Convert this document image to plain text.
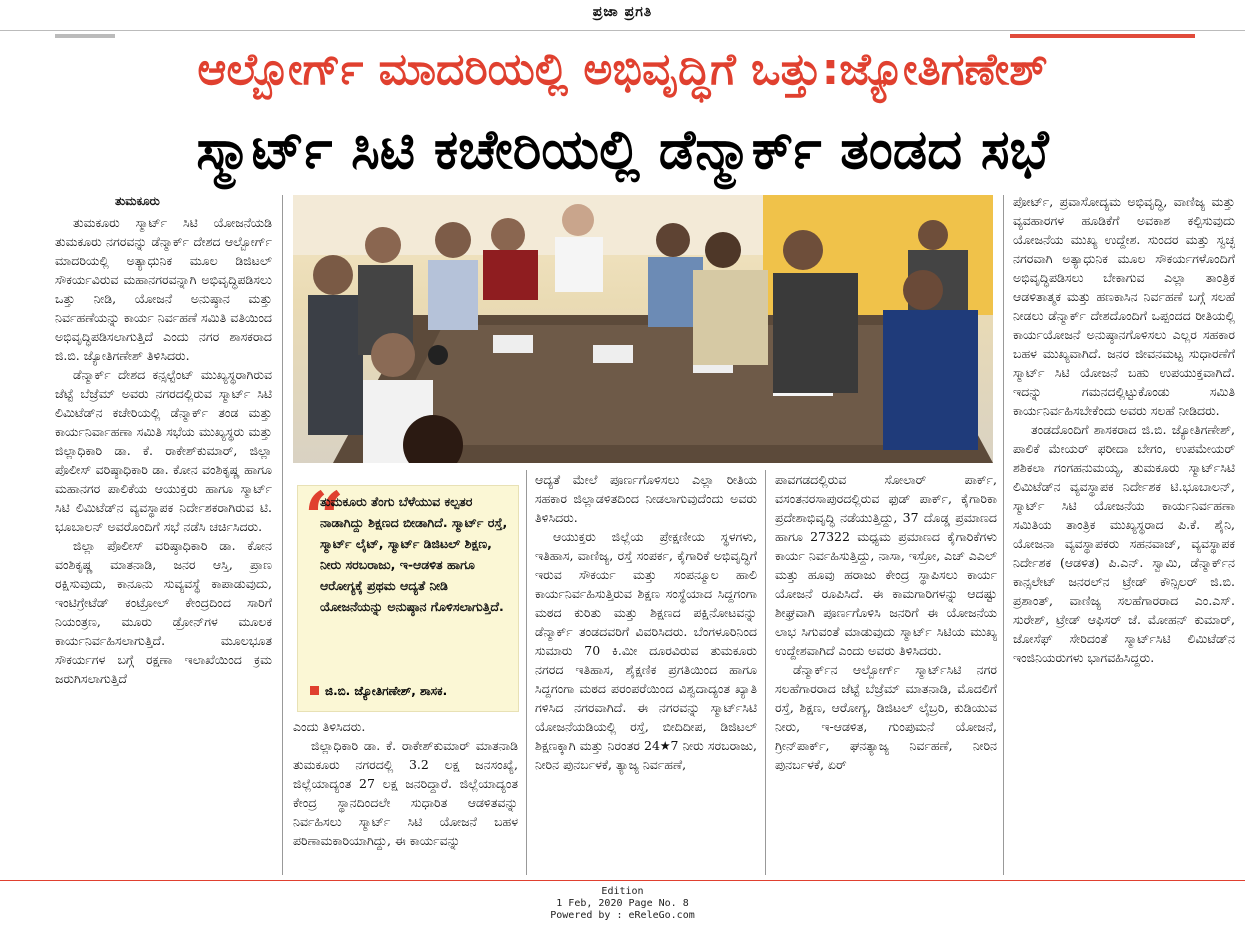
ಪ್ರಜಾ ಪ್ರಗತಿ
ಆಲ್ಬೋರ್ಗ್ ಮಾದರಿಯಲ್ಲಿ ಅಭಿವೃದ್ಧಿಗೆ ಒತ್ತು:ಜ್ಯೋತಿಗಣೇಶ್
ಸ್ಮಾರ್ಟ್ ಸಿಟಿ ಕಚೇರಿಯಲ್ಲಿ ಡೆನ್ಮಾರ್ಕ್ ತಂಡದ ಸಭೆ
ತುಮಕೂರು

ತುಮಕೂರು ಸ್ಮಾರ್ಟ್ ಸಿಟಿ ಯೋಜನೆಯಡಿ ತುಮಕೂರು ನಗರವನ್ನು ಡೆನ್ಮಾರ್ಕ್ ದೇಶದ ಆಲ್ಬೋರ್ಗ್ ಮಾದರಿಯಲ್ಲಿ ಅತ್ಯಾಧುನಿಕ ಮೂಲ ಡಿಜಿಟಲ್ ಸೌಕರ್ಯವಿರುವ ಮಹಾನಗರವನ್ನಾಗಿ ಅಭಿವೃದ್ಧಿಪಡಿಸಲು ಒತ್ತು ನೀಡಿ, ಯೋಜನೆ ಅನುಷ್ಠಾನ ಮತ್ತು ನಿರ್ವಹಣೆಯನ್ನು ಕಾರ್ಯ ನಿರ್ವಹಣೆ ಸಮಿತಿ ವತಿಯಿಂದ ಅಭಿವೃದ್ಧಿಪಡಿಸಲಾಗುತ್ತಿದೆ ಎಂದು ನಗರ ಶಾಸಕರಾದ ಜಿ.ಬಿ. ಜ್ಯೋತಿಗಣೇಶ್ ತಿಳಿಸಿದರು.

ಡೆನ್ಮಾರ್ಕ್ ದೇಶದ ಕನ್ಸಲ್ಟೆಂಟ್ ಮುಖ್ಯಸ್ಥರಾಗಿರುವ ಜೆಟ್ಟೆ ಬೆಜ್ರೆಮ್ ಅವರು ನಗರದಲ್ಲಿರುವ ಸ್ಮಾರ್ಟ್ ಸಿಟಿ ಲಿಮಿಟೆಡ್‌ನ ಕಚೇರಿಯಲ್ಲಿ ಡೆನ್ಮಾರ್ಕ್ ತಂಡ ಮತ್ತು ಕಾರ್ಯನಿರ್ವಾಹಣಾ ಸಮಿತಿ ಸಭೆಯ ಮುಖ್ಯಸ್ಥರು ಮತ್ತು ಜಿಲ್ಲಾಧಿಕಾರಿ ಡಾ. ಕೆ. ರಾಕೇಶ್‌ಕುಮಾರ್, ಜಿಲ್ಲಾ ಪೊಲೀಸ್ ವರಿಷ್ಠಾಧಿಕಾರಿ ಡಾ. ಕೋನ ವಂಶಿಕೃಷ್ಣ ಹಾಗೂ ಮಹಾನಗರ ಪಾಲಿಕೆಯ ಆಯುಕ್ತರು ಹಾಗೂ ಸ್ಮಾರ್ಟ್ ಸಿಟಿ ಲಿಮಿಟೆಡ್‌ನ ವ್ಯವಸ್ಥಾಪಕ ನಿರ್ದೇಶಕರಾಗಿರುವ ಟಿ. ಭೂಬಾಲನ್ ಅವರೊಂದಿಗೆ ಸಭೆ ನಡೆಸಿ ಚರ್ಚಿಸಿದರು.

ಜಿಲ್ಲಾ ಪೊಲೀಸ್ ವರಿಷ್ಠಾಧಿಕಾರಿ ಡಾ. ಕೋನ ವಂಶಿಕೃಷ್ಣ ಮಾತನಾಡಿ, ಜನರ ಆಸ್ತಿ, ಪ್ರಾಣ ರಕ್ಷಿಸುವುದು, ಕಾನೂನು ಸುವ್ಯವಸ್ಥೆ ಕಾಪಾಡುವುದು, ಇಂಟಿಗ್ರೇಟೆಡ್ ಕಂಟ್ರೋಲ್ ಕೇಂದ್ರದಿಂದ ಸಾರಿಗೆ ನಿಯಂತ್ರಣ, ಮೂರು ಡ್ರೋನ್‌ಗಳ ಮೂಲಕ ಕಾರ್ಯನಿರ್ವಹಿಸಲಾಗುತ್ತಿದೆ. ಮೂಲಭೂತ ಸೌಕರ್ಯಗಳ ಬಗ್ಗೆ ರಕ್ಷಣಾ ಇಲಾಖೆಯಿಂದ ಕ್ರಮ ಜರುಗಿಸಲಾಗುತ್ತಿದೆ

“
ತುಮಕೂರು ತೆಂಗು ಬೆಳೆಯುವ ಕಲ್ಪತರ ನಾಡಾಗಿದ್ದು ಶಿಕ್ಷಣದ ಬೀಡಾಗಿದೆ. ಸ್ಮಾರ್ಟ್ ರಸ್ತೆ, ಸ್ಮಾರ್ಟ್ ಲೈಟ್, ಸ್ಮಾರ್ಟ್ ಡಿಜಿಟಲ್ ಶಿಕ್ಷಣ, ನೀರು ಸರಬರಾಜು, ಇ-ಆಡಳಿತ ಹಾಗೂ ಆರೋಗ್ಯಕ್ಕೆ ಪ್ರಥಮ ಆದ್ಯತೆ ನೀಡಿ ಯೋಜನೆಯನ್ನು ಅನುಷ್ಠಾನ ಗೊಳಿಸಲಾಗುತ್ತಿದೆ.
ಜಿ.ಬಿ. ಜ್ಯೋತಿಗಣೇಶ್, ಶಾಸಕ.

ಎಂದು ತಿಳಿಸಿದರು.

ಜಿಲ್ಲಾಧಿಕಾರಿ ಡಾ. ಕೆ. ರಾಕೇಶ್‌ಕುಮಾರ್ ಮಾತನಾಡಿ ತುಮಕೂರು ನಗರದಲ್ಲಿ 3.2 ಲಕ್ಷ ಜನಸಂಖ್ಯೆ, ಜಿಲ್ಲೆಯಾದ್ಯಂತ 27 ಲಕ್ಷ ಜನರಿದ್ದಾರೆ. ಜಿಲ್ಲೆಯಾದ್ಯಂತ ಕೇಂದ್ರ ಸ್ಥಾನದಿಂದಲೇ ಸುಧಾರಿತ ಆಡಳಿತವನ್ನು ನಿರ್ವಹಿಸಲು ಸ್ಮಾರ್ಟ್ ಸಿಟಿ ಯೋಜನೆ ಬಹಳ ಪರಿಣಾಮಕಾರಿಯಾಗಿದ್ದು, ಈ ಕಾರ್ಯವನ್ನು

ಆದ್ಯತೆ ಮೇಲೆ ಪೂರ್ಣಗೊಳಿಸಲು ಎಲ್ಲಾ ರೀತಿಯ ಸಹಕಾರ ಜಿಲ್ಲಾಡಳಿತದಿಂದ ನೀಡಲಾಗುವುದೆಂದು ಅವರು ತಿಳಿಸಿದರು.

ಆಯುಕ್ತರು ಜಿಲ್ಲೆಯ ಪ್ರೇಕ್ಷಣೀಯ ಸ್ಥಳಗಳು, ಇತಿಹಾಸ, ವಾಣಿಜ್ಯ, ರಸ್ತೆ ಸಂಪರ್ಕ, ಕೈಗಾರಿಕೆ ಅಭಿವೃದ್ಧಿಗೆ ಇರುವ ಸೌಕರ್ಯ ಮತ್ತು ಸಂಪನ್ಮೂಲ ಹಾಲಿ ಕಾರ್ಯನಿರ್ವಹಿಸುತ್ತಿರುವ ಶಿಕ್ಷಣ ಸಂಸ್ಥೆಯಾದ ಸಿದ್ದಗಂಗಾ ಮಠದ ಕುರಿತು ಮತ್ತು ಶಿಕ್ಷಣದ ಪಕ್ಷಿನೋಟವನ್ನು ಡೆನ್ಮಾರ್ಕ್ ತಂಡದವರಿಗೆ ವಿವರಿಸಿದರು. ಬೆಂಗಳೂರಿನಿಂದ ಸುಮಾರು 70 ಕಿ.ಮೀ ದೂರವಿರುವ ತುಮಕೂರು ನಗರದ ಇತಿಹಾಸ, ಶೈಕ್ಷಣಿಕ ಪ್ರಗತಿಯಿಂದ ಹಾಗೂ ಸಿದ್ದಗಂಗಾ ಮಠದ ಪರಂಪರೆಯಿಂದ ವಿಶ್ವದಾದ್ಯಂತ ಖ್ಯಾತಿ ಗಳಿಸಿದ ನಗರವಾಗಿದೆ. ಈ ನಗರವನ್ನು ಸ್ಮಾರ್ಟ್‌ಸಿಟಿ ಯೋಜನೆಯಡಿಯಲ್ಲಿ ರಸ್ತೆ, ಬೀದಿದೀಪ, ಡಿಜಿಟಲ್ ಶಿಕ್ಷಣಕ್ಕಾಗಿ ಮತ್ತು ನಿರಂತರ 24★7 ನೀರು ಸರಬರಾಜು, ನೀರಿನ ಪುನರ್ಬಳಕೆ, ತ್ಯಾಜ್ಯ ನಿರ್ವಹಣೆ,

ಪಾವಗಡದಲ್ಲಿರುವ ಸೋಲಾರ್ ಪಾರ್ಕ್, ವಸಂತನರಸಾಪುರದಲ್ಲಿರುವ ಫುಡ್ ಪಾರ್ಕ್, ಕೈಗಾರಿಕಾ ಪ್ರದೇಶಾಭಿವೃದ್ಧಿ ನಡೆಯುತ್ತಿದ್ದು, 37 ದೊಡ್ಡ ಪ್ರಮಾಣದ ಹಾಗೂ 27322 ಮಧ್ಯಮ ಪ್ರಮಾಣದ ಕೈಗಾರಿಕೆಗಳು ಕಾರ್ಯ ನಿರ್ವಹಿಸುತ್ತಿದ್ದು, ನಾಸಾ, ಇಸ್ರೋ, ಎಚ್ ಎಎಲ್ ಮತ್ತು ಹೂವು ಹರಾಜು ಕೇಂದ್ರ ಸ್ಥಾಪಿಸಲು ಕಾರ್ಯ ಯೋಜನೆ ರೂಪಿಸಿದೆ. ಈ ಕಾಮಗಾರಿಗಳನ್ನು ಆದಷ್ಟು ಶೀಘ್ರವಾಗಿ ಪೂರ್ಣಗೊಳಿಸಿ ಜನರಿಗೆ ಈ ಯೋಜನೆಯ ಲಾಭ ಸಿಗುವಂತೆ ಮಾಡುವುದು ಸ್ಮಾರ್ಟ್ ಸಿಟಿಯ ಮುಖ್ಯ ಉದ್ದೇಶವಾಗಿದೆ ಎಂದು ಅವರು ತಿಳಿಸಿದರು.

ಡೆನ್ಮಾರ್ಕ್‌ನ ಆಲ್ಬೋರ್ಗ್ ಸ್ಮಾರ್ಟ್‌ಸಿಟಿ ನಗರ ಸಲಹೆಗಾರರಾದ ಜೆಟ್ಟೆ ಬೆಜ್ರೆಮ್ ಮಾತನಾಡಿ, ಮೊದಲಿಗೆ ರಸ್ತೆ, ಶಿಕ್ಷಣ, ಆರೋಗ್ಯ, ಡಿಜಿಟಲ್ ಲೈಬ್ರರಿ, ಕುಡಿಯುವ ನೀರು, ಇ-ಆಡಳಿತ, ಗುಂಪುಮನೆ ಯೋಜನೆ, ಗ್ರೀನ್‌ಪಾರ್ಕ್, ಘನತ್ಯಾಜ್ಯ ನಿರ್ವಹಣೆ, ನೀರಿನ ಪುನರ್ಬಳಕೆ, ಏರ್

ಪೋರ್ಟ್, ಪ್ರವಾಸೋದ್ಯಮ ಅಭಿವೃದ್ಧಿ, ವಾಣಿಜ್ಯ ಮತ್ತು ವ್ಯವಹಾರಗಳ ಹೂಡಿಕೆಗೆ ಅವಕಾಶ ಕಲ್ಪಿಸುವುದು ಯೋಜನೆಯ ಮುಖ್ಯ ಉದ್ದೇಶ. ಸುಂದರ ಮತ್ತು ಸ್ವಚ್ಛ ನಗರವಾಗಿ ಅತ್ಯಾಧುನಿಕ ಮೂಲ ಸೌಕರ್ಯಗಳೊಂದಿಗೆ ಅಭಿವೃದ್ಧಿಪಡಿಸಲು ಬೇಕಾಗುವ ಎಲ್ಲಾ ತಾಂತ್ರಿಕ ಆಡಳಿತಾತ್ಮಕ ಮತ್ತು ಹಣಕಾಸಿನ ನಿರ್ವಹಣೆ ಬಗ್ಗೆ ಸಲಹೆ ನೀಡಲು ಡೆನ್ಮಾರ್ಕ್ ದೇಶದೊಂದಿಗೆ ಒಪ್ಪಂದದ ರೀತಿಯಲ್ಲಿ ಕಾರ್ಯಯೋಜನೆ ಅನುಷ್ಠಾನಗೊಳಿಸಲು ಎಲ್ಲರ ಸಹಕಾರ ಬಹಳ ಮುಖ್ಯವಾಗಿದೆ. ಜನರ ಜೀವನಮಟ್ಟ ಸುಧಾರಣೆಗೆ ಸ್ಮಾರ್ಟ್ ಸಿಟಿ ಯೋಜನೆ ಬಹು ಉಪಯುಕ್ತವಾಗಿದೆ. ಇದನ್ನು ಗಮನದಲ್ಲಿಟ್ಟುಕೊಂಡು ಸಮಿತಿ ಕಾರ್ಯನಿರ್ವಹಿಸಬೇಕೆಂದು ಅವರು ಸಲಹೆ ನೀಡಿದರು.

ತಂಡದೊಂದಿಗೆ ಶಾಸಕರಾದ ಜಿ.ಬಿ. ಜ್ಯೋತಿಗಣೇಶ್, ಪಾಲಿಕೆ ಮೇಯರ್ ಫರೀದಾ ಬೇಗಂ, ಉಪಮೇಯರ್ ಶಶಿಕಲಾ ಗಂಗಹನುಮಯ್ಯ, ತುಮಕೂರು ಸ್ಮಾರ್ಟ್‌ಸಿಟಿ ಲಿಮಿಟೆಡ್‌ನ ವ್ಯವಸ್ಥಾಪಕ ನಿರ್ದೇಶಕ ಟಿ.ಭೂಬಾಲನ್, ಸ್ಮಾರ್ಟ್ ಸಿಟಿ ಯೋಜನೆಯ ಕಾರ್ಯನಿರ್ವಹಣಾ ಸಮಿತಿಯ ತಾಂತ್ರಿಕ ಮುಖ್ಯಸ್ಥರಾದ ಪಿ.ಕೆ. ಶೈನಿ, ಯೋಜನಾ ವ್ಯವಸ್ಥಾಪಕರು ಸಹನವಾಜ್, ವ್ಯವಸ್ಥಾಪಕ ನಿರ್ದೇಶಕ (ಆಡಳಿತ) ಪಿ.ಎನ್. ಸ್ವಾಮಿ, ಡೆನ್ಮಾರ್ಕ್‌ನ ಕಾನ್ಸಲೇಟ್ ಜನರಲ್‌ನ ಟ್ರೇಡ್ ಕೌನ್ಸಿಲರ್ ಜಿ.ಬಿ. ಪ್ರಶಾಂತ್, ವಾಣಿಜ್ಯ ಸಲಹೆಗಾರರಾದ ಎಂ.ಎಸ್. ಸುರೇಶ್, ಟ್ರೇಡ್ ಆಫಿಸರ್ ಜೆ. ಮೋಹನ್ ಕುಮಾರ್, ಜೋಸೆಫ್ ಸೇರಿದಂತೆ ಸ್ಮಾರ್ಟ್‌ಸಿಟಿ ಲಿಮಿಟೆಡ್‌ನ ಇಂಜಿನಿಯರುಗಳು ಭಾಗವಹಿಸಿದ್ದರು.

Edition
1 Feb, 2020 Page No. 8
Powered by : eReleGo.com
